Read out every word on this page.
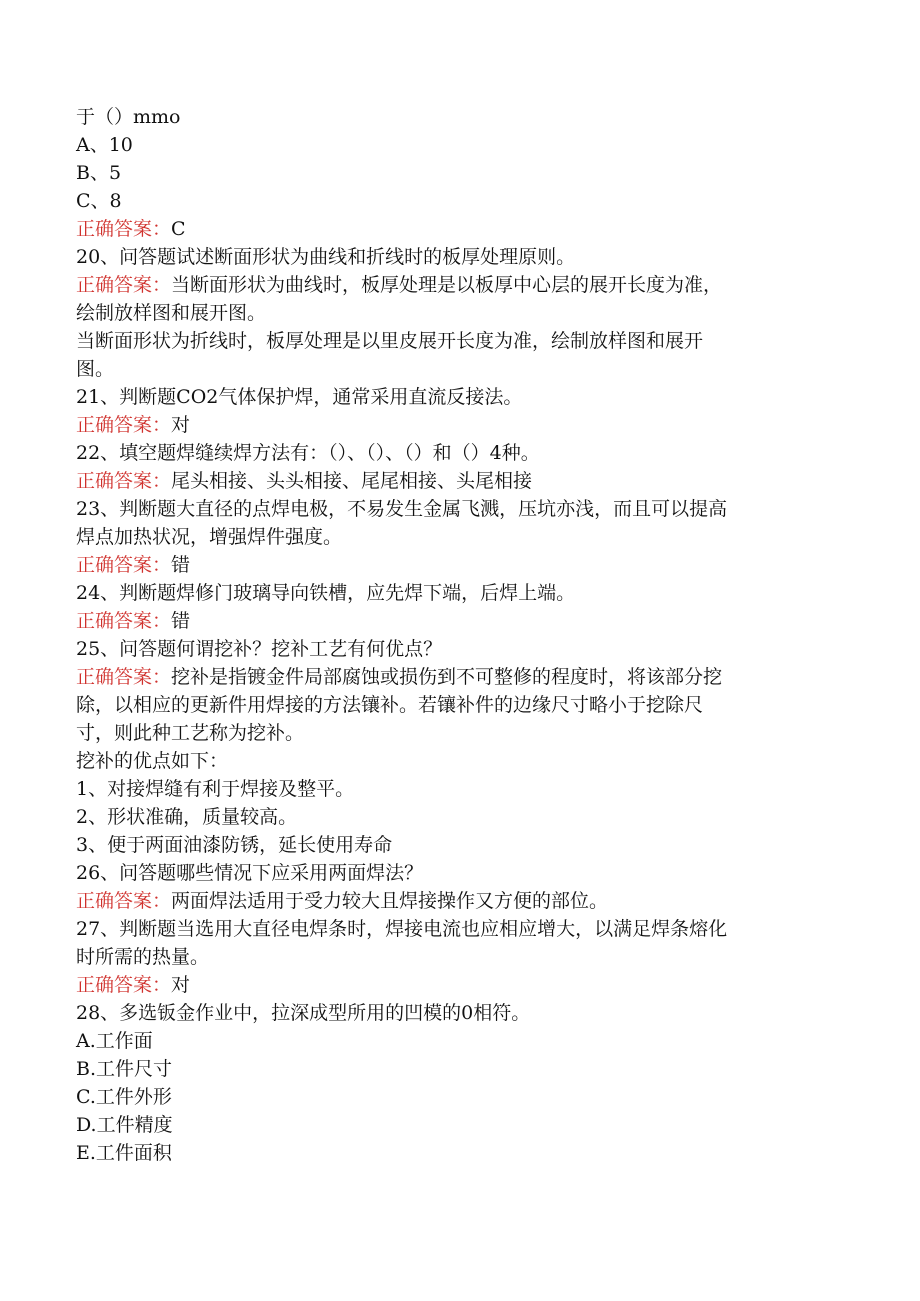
于（）mmo
A、10
B、5
C、8
正确答案：C
20、问答题试述断面形状为曲线和折线时的板厚处理原则。
正确答案：当断面形状为曲线时，板厚处理是以板厚中心层的展开长度为准，
绘制放样图和展开图。
当断面形状为折线时，板厚处理是以里皮展开长度为准，绘制放样图和展开
图。
21、判断题CO2气体保护焊，通常采用直流反接法。
正确答案：对
22、填空题焊缝续焊方法有：（）、（）、（）和（）4种。
正确答案：尾头相接、头头相接、尾尾相接、头尾相接
23、判断题大直径的点焊电极，不易发生金属飞溅，压坑亦浅，而且可以提高
焊点加热状况，增强焊件强度。
正确答案：错
24、判断题焊修门玻璃导向铁槽，应先焊下端，后焊上端。
正确答案：错
25、问答题何谓挖补？挖补工艺有何优点？
正确答案：挖补是指镀金件局部腐蚀或损伤到不可整修的程度时，将该部分挖
除，以相应的更新件用焊接的方法镶补。若镶补件的边缘尺寸略小于挖除尺
寸，则此种工艺称为挖补。
挖补的优点如下：
1、对接焊缝有利于焊接及整平。
2、形状准确，质量较高。
3、便于两面油漆防锈，延长使用寿命
26、问答题哪些情况下应采用两面焊法？
正确答案：两面焊法适用于受力较大且焊接操作又方便的部位。
27、判断题当选用大直径电焊条时，焊接电流也应相应增大，以满足焊条熔化
时所需的热量。
正确答案：对
28、多选钣金作业中，拉深成型所用的凹模的0相符。
A.工作面
B.工件尺寸
C.工件外形
D.工件精度
E.工件面积
